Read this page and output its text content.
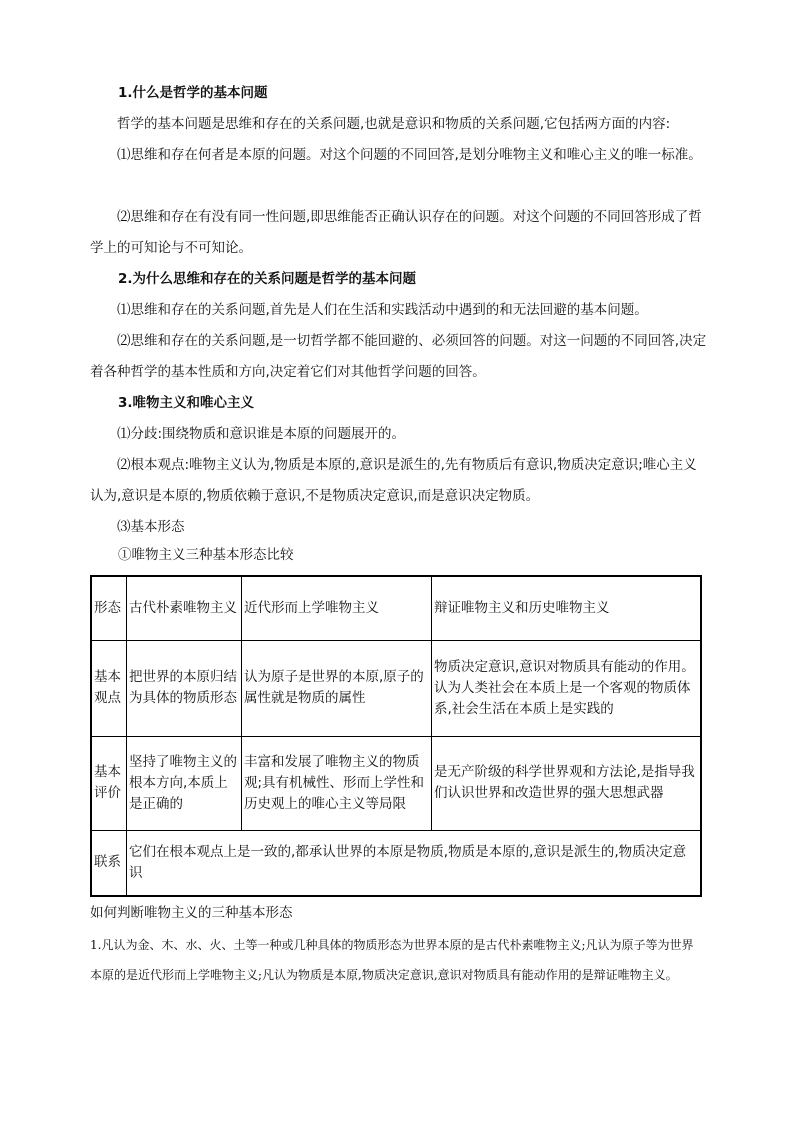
1.什么是哲学的基本问题

哲学的基本问题是思维和存在的关系问题,也就是意识和物质的关系问题,它包括两方面的内容:

⑴思维和存在何者是本原的问题。对这个问题的不同回答,是划分唯物主义和唯心主义的唯一标准。

⑵思维和存在有没有同一性问题,即思维能否正确认识存在的问题。对这个问题的不同回答形成了哲学上的可知论与不可知论。

2.为什么思维和存在的关系问题是哲学的基本问题

⑴思维和存在的关系问题,首先是人们在生活和实践活动中遇到的和无法回避的基本问题。

⑵思维和存在的关系问题,是一切哲学都不能回避的、必须回答的问题。对这一问题的不同回答,决定着各种哲学的基本性质和方向,决定着它们对其他哲学问题的回答。

3.唯物主义和唯心主义

⑴分歧:围绕物质和意识谁是本原的问题展开的。

⑵根本观点:唯物主义认为,物质是本原的,意识是派生的,先有物质后有意识,物质决定意识;唯心主义认为,意识是本原的,物质依赖于意识,不是物质决定意识,而是意识决定物质。

⑶基本形态

①唯物主义三种基本形态比较
形态	古代朴素唯物主义	近代形而上学唯物主义	辩证唯物主义和历史唯物主义
基本观点	把世界的本原归结为具体的物质形态	认为原子是世界的本原,原子的属性就是物质的属性	物质决定意识,意识对物质具有能动的作用。认为人类社会在本质上是一个客观的物质体系,社会生活在本质上是实践的
基本评价	坚持了唯物主义的根本方向,本质上是正确的	丰富和发展了唯物主义的物质观;具有机械性、形而上学性和历史观上的唯心主义等局限	是无产阶级的科学世界观和方法论,是指导我们认识世界和改造世界的强大思想武器
联系	它们在根本观点上是一致的,都承认世界的本原是物质,物质是本原的,意识是派生的,物质决定意识		
如何判断唯物主义的三种基本形态

1.凡认为金、木、水、火、土等一种或几种具体的物质形态为世界本原的是古代朴素唯物主义;凡认为原子等为世界本原的是近代形而上学唯物主义;凡认为物质是本原,物质决定意识,意识对物质具有能动作用的是辩证唯物主义。
